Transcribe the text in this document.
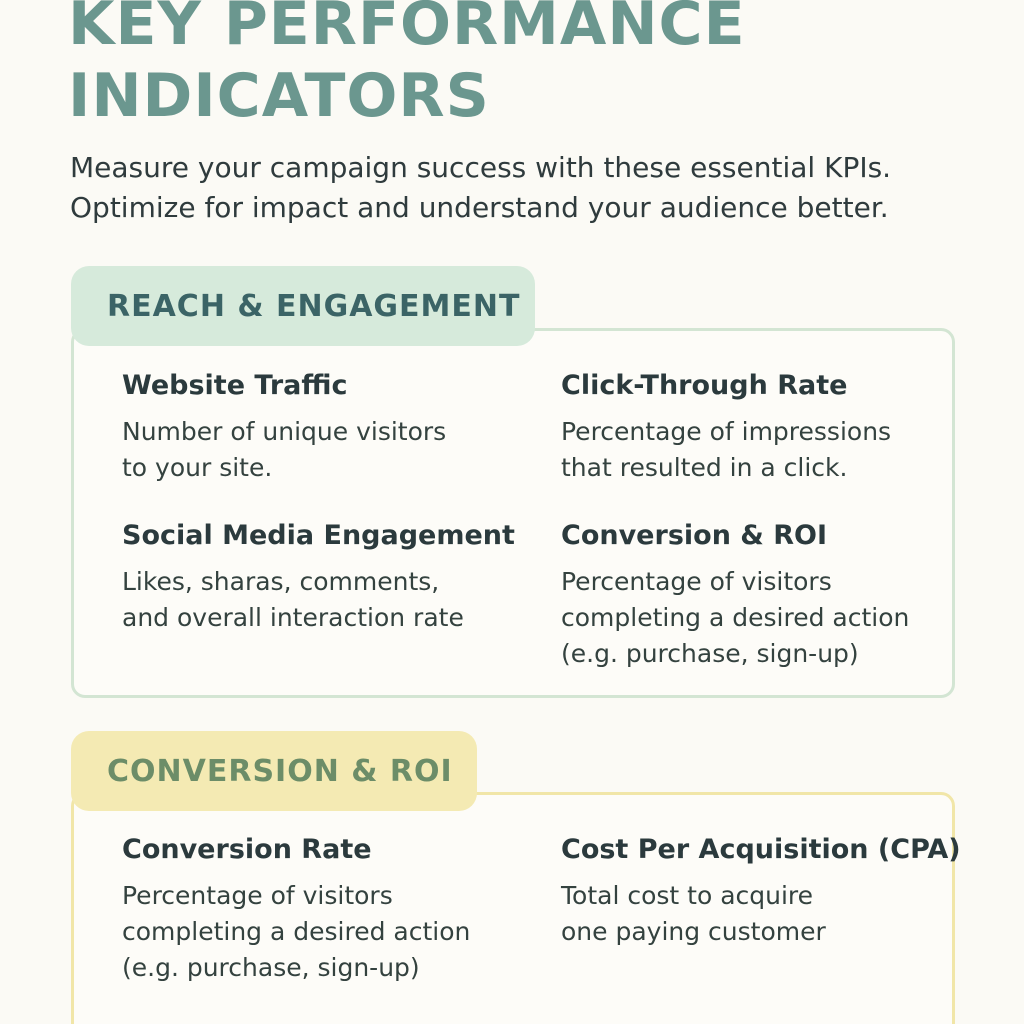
KEY PERFORMANCE
INDICATORS

Measure your campaign success with these essential KPIs.
Optimize for impact and understand your audience better.

REACH & ENGAGEMENT

Website Traffic

Number of unique visitors
to your site.

Click-Through Rate

Percentage of impressions
that resulted in a click.

Social Media Engagement

Likes, sharas, comments,
and overall interaction rate

Conversion & ROI

Percentage of visitors
completing a desired action
(e.g. purchase, sign-up)

CONVERSION & ROI

Conversion Rate

Percentage of visitors
completing a desired action
(e.g. purchase, sign-up)

Cost Per Acquisition (CPA)

Total cost to acquire
one paying customer
